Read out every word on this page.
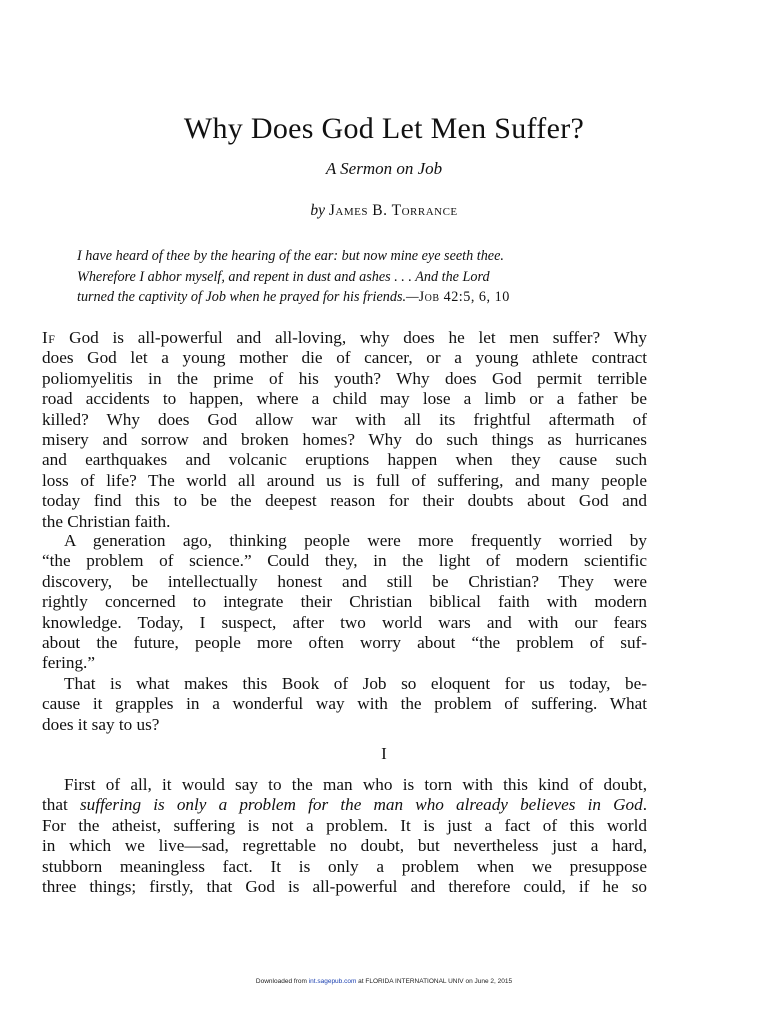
Why Does God Let Men Suffer?

A Sermon on Job

by James B. Torrance

I have heard of thee by the hearing of the ear: but now mine eye seeth thee.
Wherefore I abhor myself, and repent in dust and ashes . . . And the Lord
turned the captivity of Job when he prayed for his friends.—Job 42:5, 6, 10

If God is all-powerful and all-loving, why does he let men suffer? Why
does God let a young mother die of cancer, or a young athlete contract
poliomyelitis in the prime of his youth? Why does God permit terrible
road accidents to happen, where a child may lose a limb or a father be
killed? Why does God allow war with all its frightful aftermath of
misery and sorrow and broken homes? Why do such things as hurricanes
and earthquakes and volcanic eruptions happen when they cause such
loss of life? The world all around us is full of suffering, and many people
today find this to be the deepest reason for their doubts about God and
the Christian faith.
A generation ago, thinking people were more frequently worried by
“the problem of science.” Could they, in the light of modern scientific
discovery, be intellectually honest and still be Christian? They were
rightly concerned to integrate their Christian biblical faith with modern
knowledge. Today, I suspect, after two world wars and with our fears
about the future, people more often worry about “the problem of suf-
fering.”
That is what makes this Book of Job so eloquent for us today, be-
cause it grapples in a wonderful way with the problem of suffering. What
does it say to us?

I

First of all, it would say to the man who is torn with this kind of doubt,
that suffering is only a problem for the man who already believes in God.
For the atheist, suffering is not a problem. It is just a fact of this world
in which we live—sad, regrettable no doubt, but nevertheless just a hard,
stubborn meaningless fact. It is only a problem when we presuppose
three things; firstly, that God is all-powerful and therefore could, if he so
Downloaded from int.sagepub.com at FLORIDA INTERNATIONAL UNIV on June 2, 2015
